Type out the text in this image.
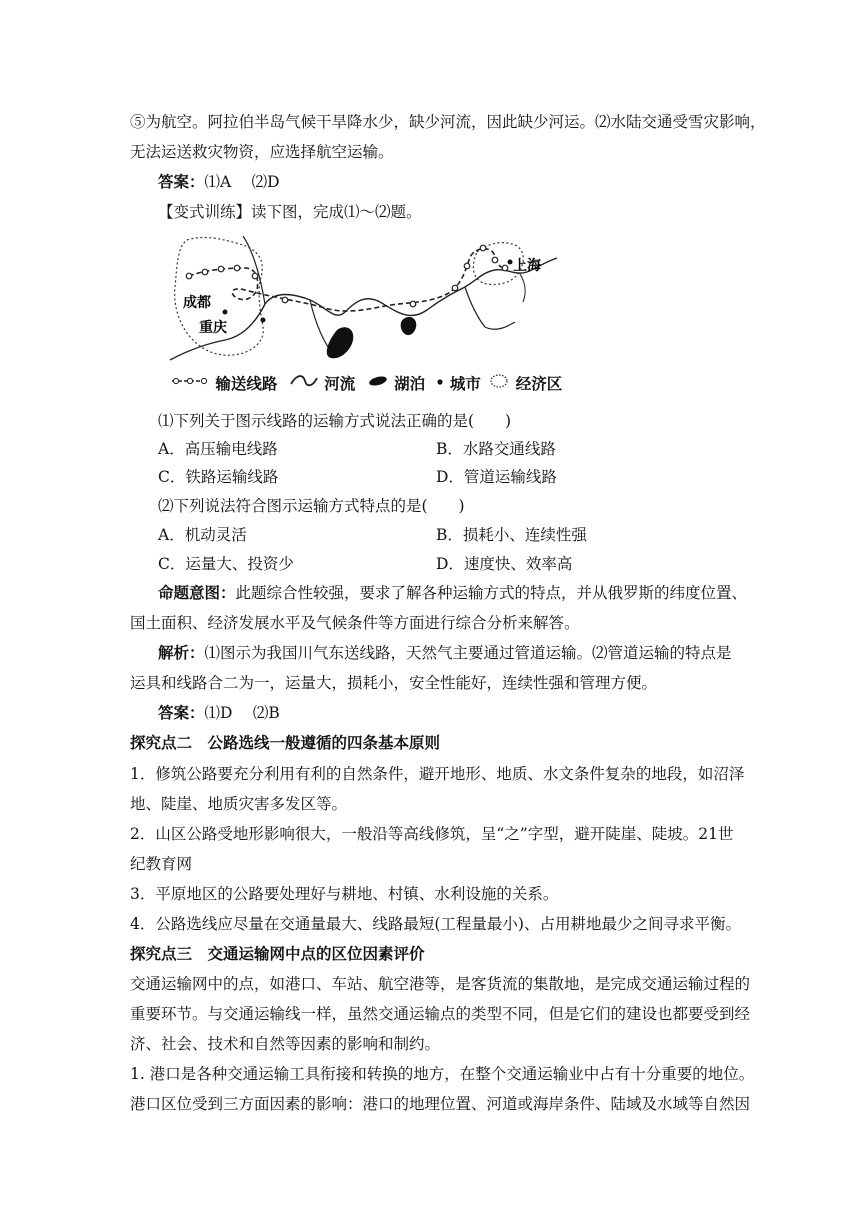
⑤为航空。阿拉伯半岛气候干旱降水少，缺少河流，因此缺少河运。⑵水陆交通受雪灾影响，
无法运送救灾物资，应选择航空运输。
答案：⑴A　 ⑵D
【变式训练】读下图，完成⑴～⑵题。
成都
重庆
上海
输送线路	河流	湖泊 城市 经济区
⑴下列关于图示线路的运输方式说法正确的是(　　)
A．高压输电线路	B．水路交通线路
C．铁路运输线路	D．管道运输线路
⑵下列说法符合图示运输方式特点的是(　　)
A．机动灵活	B．损耗小、连续性强
C．运量大、投资少	D．速度快、效率高
命题意图：此题综合性较强，要求了解各种运输方式的特点，并从俄罗斯的纬度位置、
国土面积、经济发展水平及气候条件等方面进行综合分析来解答。
解析：⑴图示为我国川气东送线路，天然气主要通过管道运输。⑵管道运输的特点是
运具和线路合二为一，运量大，损耗小，安全性能好，连续性强和管理方便。
答案：⑴D　 ⑵B
探究点二　公路选线一般遵循的四条基本原则
1．修筑公路要充分利用有利的自然条件，避开地形、地质、水文条件复杂的地段，如沼泽
地、陡崖、地质灾害多发区等。
2．山区公路受地形影响很大，一般沿等高线修筑，呈“之”字型，避开陡崖、陡坡。21世
纪教育网
3．平原地区的公路要处理好与耕地、村镇、水利设施的关系。
4．公路选线应尽量在交通量最大、线路最短(工程量最小)、占用耕地最少之间寻求平衡。
探究点三　交通运输网中点的区位因素评价
交通运输网中的点，如港口、车站、航空港等，是客货流的集散地，是完成交通运输过程的
重要环节。与交通运输线一样，虽然交通运输点的类型不同，但是它们的建设也都要受到经
济、社会、技术和自然等因素的影响和制约。
1. 港口是各种交通运输工具衔接和转换的地方，在整个交通运输业中占有十分重要的地位。
港口区位受到三方面因素的影响：港口的地理位置、河道或海岸条件、陆域及水域等自然因
